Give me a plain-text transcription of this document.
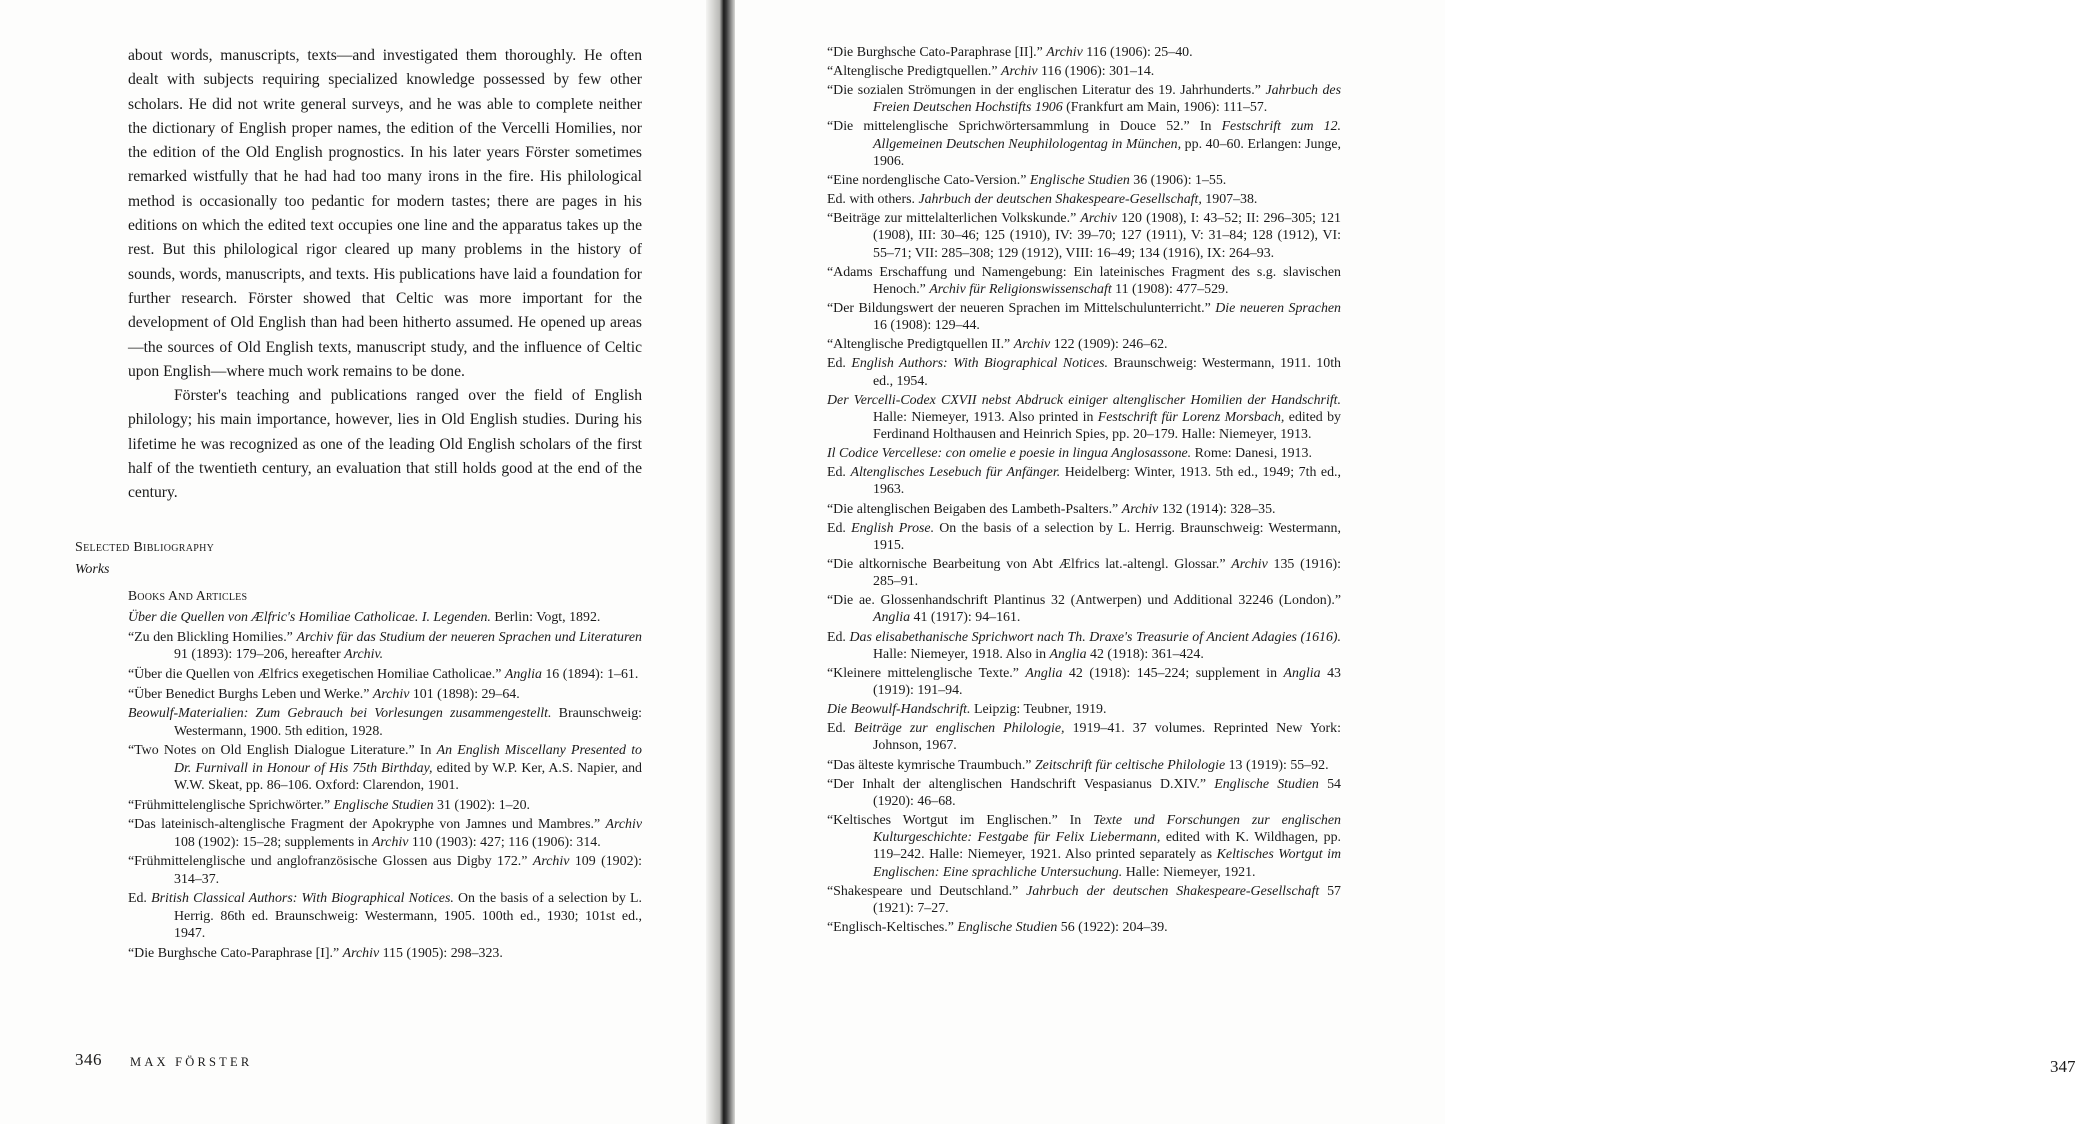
about words, manuscripts, texts—and investigated them thoroughly. He often dealt with subjects requiring specialized knowledge possessed by few other scholars. He did not write general surveys, and he was able to complete neither the dictionary of English proper names, the edition of the Vercelli Homilies, nor the edition of the Old English prognostics. In his later years Förster sometimes remarked wistfully that he had had too many irons in the fire. His philological method is occasionally too pedantic for modern tastes; there are pages in his editions on which the edited text occupies one line and the apparatus takes up the rest. But this philological rigor cleared up many problems in the history of sounds, words, manuscripts, and texts. His publications have laid a foundation for further research. Förster showed that Celtic was more important for the development of Old English than had been hitherto assumed. He opened up areas—the sources of Old English texts, manuscript study, and the influence of Celtic upon English—where much work remains to be done.

Förster's teaching and publications ranged over the field of English philology; his main importance, however, lies in Old English studies. During his lifetime he was recognized as one of the leading Old English scholars of the first half of the twentieth century, an evaluation that still holds good at the end of the century.

Selected Bibliography
Works
Books And Articles
Über die Quellen von Ælfric's Homiliae Catholicae. I. Legenden. Berlin: Vogt, 1892.
“Zu den Blickling Homilies.” Archiv für das Studium der neueren Sprachen und Literaturen 91 (1893): 179–206, hereafter Archiv.
“Über die Quellen von Ælfrics exegetischen Homiliae Catholicae.” Anglia 16 (1894): 1–61.
“Über Benedict Burghs Leben und Werke.” Archiv 101 (1898): 29–64.
Beowulf-Materialien: Zum Gebrauch bei Vorlesungen zusammengestellt. Braunschweig: Westermann, 1900. 5th edition, 1928.
“Two Notes on Old English Dialogue Literature.” In An English Miscellany Presented to Dr. Furnivall in Honour of His 75th Birthday, edited by W.P. Ker, A.S. Napier, and W.W. Skeat, pp. 86–106. Oxford: Clarendon, 1901.
“Frühmittelenglische Sprichwörter.” Englische Studien 31 (1902): 1–20.
“Das lateinisch-altenglische Fragment der Apokryphe von Jamnes und Mambres.” Archiv 108 (1902): 15–28; supplements in Archiv 110 (1903): 427; 116 (1906): 314.
“Frühmittelenglische und anglofranzösische Glossen aus Digby 172.” Archiv 109 (1902): 314–37.
Ed. British Classical Authors: With Biographical Notices. On the basis of a selection by L. Herrig. 86th ed. Braunschweig: Westermann, 1905. 100th ed., 1930; 101st ed., 1947.
“Die Burghsche Cato-Paraphrase [I].” Archiv 115 (1905): 298–323.
346 MAX FÖRSTER	347
“Die Burghsche Cato-Paraphrase [II].” Archiv 116 (1906): 25–40.
“Altenglische Predigtquellen.” Archiv 116 (1906): 301–14.
“Die sozialen Strömungen in der englischen Literatur des 19. Jahrhunderts.” Jahrbuch des Freien Deutschen Hochstifts 1906 (Frankfurt am Main, 1906): 111–57.
“Die mittelenglische Sprichwörtersammlung in Douce 52.” In Festschrift zum 12. Allgemeinen Deutschen Neuphilologentag in München, pp. 40–60. Erlangen: Junge, 1906.
“Eine nordenglische Cato-Version.” Englische Studien 36 (1906): 1–55.
Ed. with others. Jahrbuch der deutschen Shakespeare-Gesellschaft, 1907–38.
“Beiträge zur mittelalterlichen Volkskunde.” Archiv 120 (1908), I: 43–52; II: 296–305; 121 (1908), III: 30–46; 125 (1910), IV: 39–70; 127 (1911), V: 31–84; 128 (1912), VI: 55–71; VII: 285–308; 129 (1912), VIII: 16–49; 134 (1916), IX: 264–93.
“Adams Erschaffung und Namengebung: Ein lateinisches Fragment des s.g. slavischen Henoch.” Archiv für Religionswissenschaft 11 (1908): 477–529.
“Der Bildungswert der neueren Sprachen im Mittelschulunterricht.” Die neueren Sprachen 16 (1908): 129–44.
“Altenglische Predigtquellen II.” Archiv 122 (1909): 246–62.
Ed. English Authors: With Biographical Notices. Braunschweig: Westermann, 1911. 10th ed., 1954.
Der Vercelli-Codex CXVII nebst Abdruck einiger altenglischer Homilien der Handschrift. Halle: Niemeyer, 1913. Also printed in Festschrift für Lorenz Morsbach, edited by Ferdinand Holthausen and Heinrich Spies, pp. 20–179. Halle: Niemeyer, 1913.
Il Codice Vercellese: con omelie e poesie in lingua Anglosassone. Rome: Danesi, 1913.
Ed. Altenglisches Lesebuch für Anfänger. Heidelberg: Winter, 1913. 5th ed., 1949; 7th ed., 1963.
“Die altenglischen Beigaben des Lambeth-Psalters.” Archiv 132 (1914): 328–35.
Ed. English Prose. On the basis of a selection by L. Herrig. Braunschweig: Westermann, 1915.
“Die altkornische Bearbeitung von Abt Ælfrics lat.-altengl. Glossar.” Archiv 135 (1916): 285–91.
“Die ae. Glossenhandschrift Plantinus 32 (Antwerpen) und Additional 32246 (London).” Anglia 41 (1917): 94–161.
Ed. Das elisabethanische Sprichwort nach Th. Draxe's Treasurie of Ancient Adagies (1616). Halle: Niemeyer, 1918. Also in Anglia 42 (1918): 361–424.
“Kleinere mittelenglische Texte.” Anglia 42 (1918): 145–224; supplement in Anglia 43 (1919): 191–94.
Die Beowulf-Handschrift. Leipzig: Teubner, 1919.
Ed. Beiträge zur englischen Philologie, 1919–41. 37 volumes. Reprinted New York: Johnson, 1967.
“Das älteste kymrische Traumbuch.” Zeitschrift für celtische Philologie 13 (1919): 55–92.
“Der Inhalt der altenglischen Handschrift Vespasianus D.XIV.” Englische Studien 54 (1920): 46–68.
“Keltisches Wortgut im Englischen.” In Texte und Forschungen zur englischen Kulturgeschichte: Festgabe für Felix Liebermann, edited with K. Wildhagen, pp. 119–242. Halle: Niemeyer, 1921. Also printed separately as Keltisches Wortgut im Englischen: Eine sprachliche Untersuchung. Halle: Niemeyer, 1921.
“Shakespeare und Deutschland.” Jahrbuch der deutschen Shakespeare-Gesellschaft 57 (1921): 7–27.
“Englisch-Keltisches.” Englische Studien 56 (1922): 204–39.
